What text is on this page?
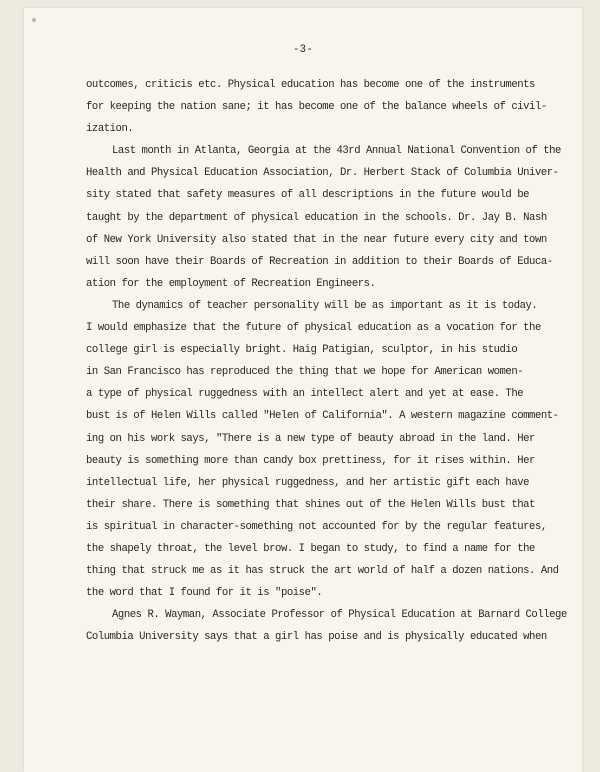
-3-
outcomes, criticis etc. Physical education has become one of the instruments
for keeping the nation sane; it has become one of the balance wheels of civil-
ization.
Last month in Atlanta, Georgia at the 43rd Annual National Convention of the
Health and Physical Education Association, Dr. Herbert Stack of Columbia Univer-
sity stated that safety measures of all descriptions in the future would be
taught by the department of physical education in the schools. Dr. Jay B. Nash
of New York University also stated that in the near future every city and town
will soon have their Boards of Recreation in addition to their Boards of Educa-
ation for the employment of Recreation Engineers.
The dynamics of teacher personality will be as important as it is today.
I would emphasize that the future of physical education as a vocation for the
college girl is especially bright. Haig Patigian, sculptor, in his studio
in San Francisco has reproduced the thing that we hope for American women-
a type of physical ruggedness with an intellect alert and yet at ease. The
bust is of Helen Wills called "Helen of California". A western magazine comment-
ing on his work says, "There is a new type of beauty abroad in the land. Her
beauty is something more than candy box prettiness, for it rises within. Her
intellectual life, her physical ruggedness, and her artistic gift each have
their share. There is something that shines out of the Helen Wills bust that
is spiritual in character-something not accounted for by the regular features,
the shapely throat, the level brow. I began to study, to find a name for the
thing that struck me as it has struck the art world of half a dozen nations. And
the word that I found for it is "poise".
Agnes R. Wayman, Associate Professor of Physical Education at Barnard College
Columbia University says that a girl has poise and is physically educated when
